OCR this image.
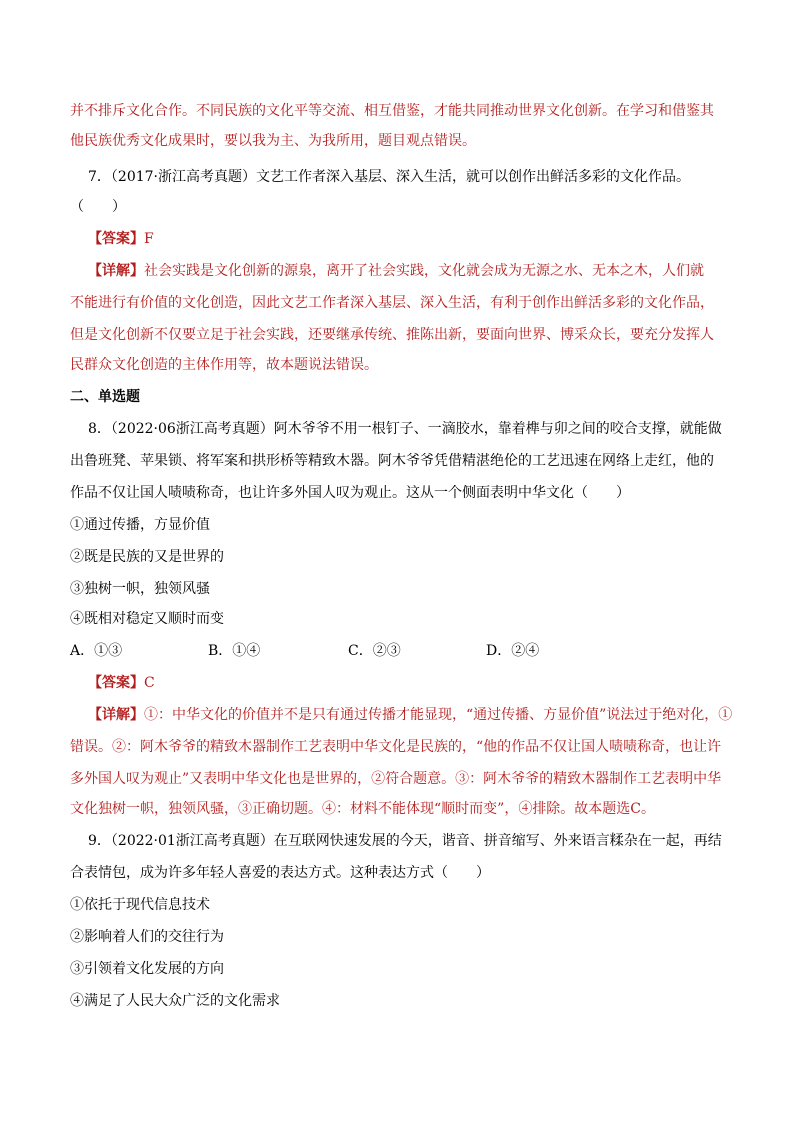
并不排斥文化合作。不同民族的文化平等交流、相互借鉴，才能共同推动世界文化创新。在学习和借鉴其
他民族优秀文化成果时，要以我为主、为我所用，题目观点错误。
7．（2017·浙江高考真题）文艺工作者深入基层、深入生活，就可以创作出鲜活多彩的文化作品。
（　　）
【答案】F
【详解】社会实践是文化创新的源泉，离开了社会实践，文化就会成为无源之水、无本之木，人们就
不能进行有价值的文化创造，因此文艺工作者深入基层、深入生活，有利于创作出鲜活多彩的文化作品，
但是文化创新不仅要立足于社会实践，还要继承传统、推陈出新，要面向世界、博采众长，要充分发挥人
民群众文化创造的主体作用等，故本题说法错误。
二、单选题
8．（2022·06浙江高考真题）阿木爷爷不用一根钉子、一滴胶水，靠着榫与卯之间的咬合支撑，就能做
出鲁班凳、苹果锁、将军案和拱形桥等精致木器。阿木爷爷凭借精湛绝伦的工艺迅速在网络上走红，他的
作品不仅让国人啧啧称奇，也让许多外国人叹为观止。这从一个侧面表明中华文化（　　）
①通过传播，方显价值
②既是民族的又是世界的
③独树一帜，独领风骚
④既相对稳定又顺时而变
A．①③	B．①④	C．②③	D．②④
【答案】C
【详解】①：中华文化的价值并不是只有通过传播才能显现，“通过传播、方显价值”说法过于绝对化，①
错误。②：阿木爷爷的精致木器制作工艺表明中华文化是民族的，“他的作品不仅让国人啧啧称奇，也让许
多外国人叹为观止”又表明中华文化也是世界的，②符合题意。③：阿木爷爷的精致木器制作工艺表明中华
文化独树一帜，独领风骚，③正确切题。④：材料不能体现“顺时而变”，④排除。故本题选C。
9．（2022·01浙江高考真题）在互联网快速发展的今天，谐音、拼音缩写、外来语言糅杂在一起，再结
合表情包，成为许多年轻人喜爱的表达方式。这种表达方式（　　）
①依托于现代信息技术
②影响着人们的交往行为
③引领着文化发展的方向
④满足了人民大众广泛的文化需求
